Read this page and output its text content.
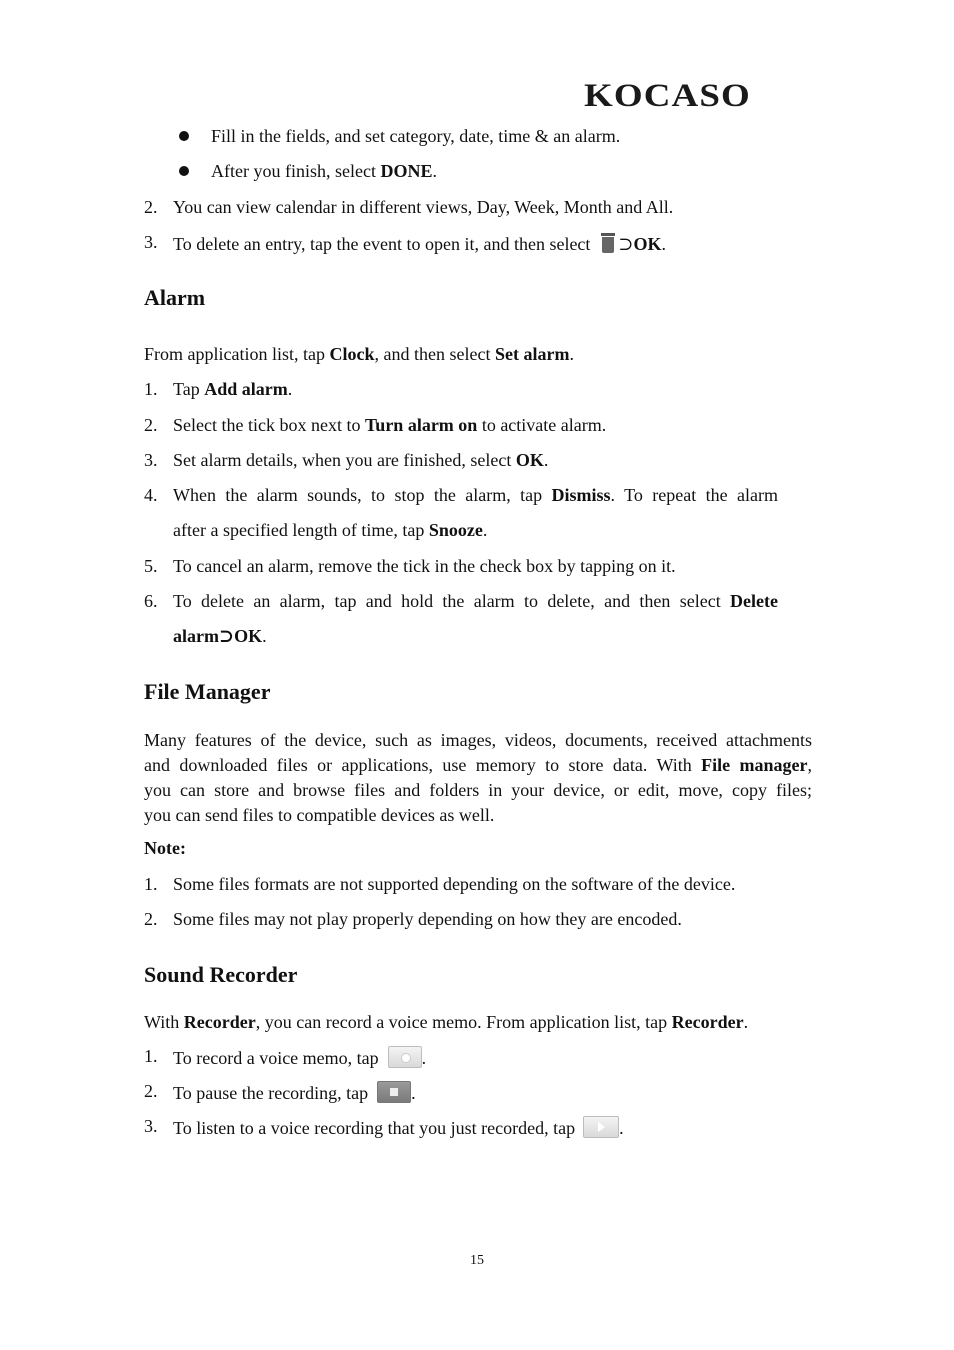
KOCASO
Fill in the fields, and set category, date, time & an alarm.
After you finish, select DONE.
2. You can view calendar in different views, Day, Week, Month and All.
3. To delete an entry, tap the event to open it, and then select ⊃OK.
Alarm
From application list, tap Clock, and then select Set alarm.
1. Tap Add alarm.
2. Select the tick box next to Turn alarm on to activate alarm.
3. Set alarm details, when you are finished, select OK.
4. When the alarm sounds, to stop the alarm, tap Dismiss. To repeat the alarm
after a specified length of time, tap Snooze.
5. To cancel an alarm, remove the tick in the check box by tapping on it.
6. To delete an alarm, tap and hold the alarm to delete, and then select Delete
alarm⊃OK.
File Manager
Many features of the device, such as images, videos, documents, received attachments
and downloaded files or applications, use memory to store data. With File manager,
you can store and browse files and folders in your device, or edit, move, copy files;
you can send files to compatible devices as well.
Note:
1. Some files formats are not supported depending on the software of the device.
2. Some files may not play properly depending on how they are encoded.
Sound Recorder
With Recorder, you can record a voice memo. From application list, tap Recorder.
1. To record a voice memo, tap .
2. To pause the recording, tap .
3. To listen to a voice recording that you just recorded, tap .
15
